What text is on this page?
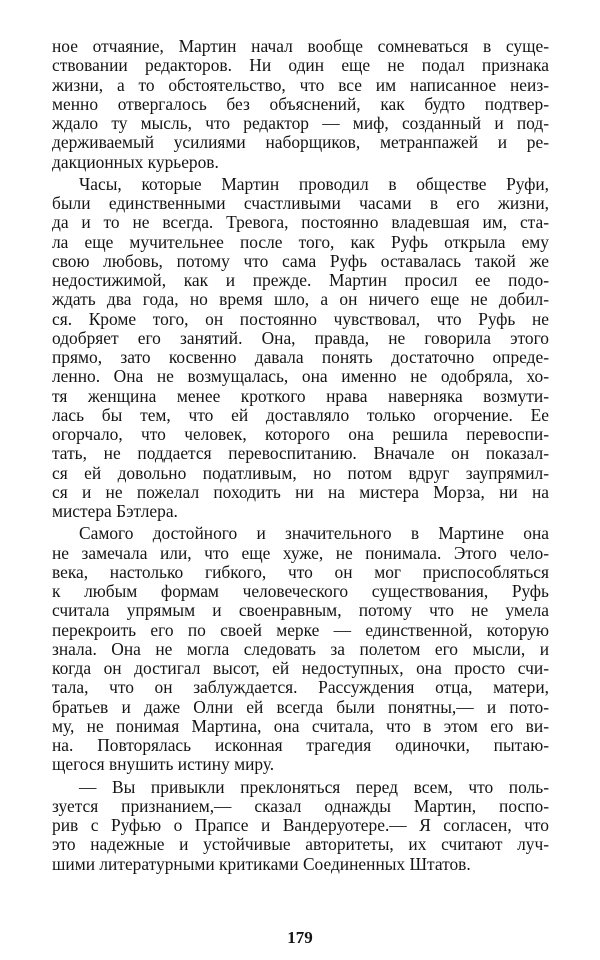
ное отчаяние, Мартин начал вообще сомневаться в суще-
ствовании редакторов. Ни один еще не подал признака
жизни, а то обстоятельство, что все им написанное неиз-
менно отвергалось без объяснений, как будто подтвер-
ждало ту мысль, что редактор — миф, созданный и под-
держиваемый усилиями наборщиков, метранпажей и ре-
дакционных курьеров.
Часы, которые Мартин проводил в обществе Руфи,
были единственными счастливыми часами в его жизни,
да и то не всегда. Тревога, постоянно владевшая им, ста-
ла еще мучительнее после того, как Руфь открыла ему
свою любовь, потому что сама Руфь оставалась такой же
недостижимой, как и прежде. Мартин просил ее подо-
ждать два года, но время шло, а он ничего еще не добил-
ся. Кроме того, он постоянно чувствовал, что Руфь не
одобряет его занятий. Она, правда, не говорила этого
прямо, зато косвенно давала понять достаточно опреде-
ленно. Она не возмущалась, она именно не одобряла, хо-
тя женщина менее кроткого нрава наверняка возмути-
лась бы тем, что ей доставляло только огорчение. Ее
огорчало, что человек, которого она решила перевоспи-
тать, не поддается перевоспитанию. Вначале он показал-
ся ей довольно податливым, но потом вдруг заупрямил-
ся и не пожелал походить ни на мистера Морза, ни на
мистера Бэтлера.
Самого достойного и значительного в Мартине она
не замечала или, что еще хуже, не понимала. Этого чело-
века, настолько гибкого, что он мог приспособляться
к любым формам человеческого существования, Руфь
считала упрямым и своенравным, потому что не умела
перекроить его по своей мерке — единственной, которую
знала. Она не могла следовать за полетом его мысли, и
когда он достигал высот, ей недоступных, она просто счи-
тала, что он заблуждается. Рассуждения отца, матери,
братьев и даже Олни ей всегда были понятны,— и пото-
му, не понимая Мартина, она считала, что в этом его ви-
на. Повторялась исконная трагедия одиночки, пытаю-
щегося внушить истину миру.
— Вы привыкли преклоняться перед всем, что поль-
зуется признанием,— сказал однажды Мартин, поспо-
рив с Руфью о Прапсе и Вандеруотере.— Я согласен, что
это надежные и устойчивые авторитеты, их считают луч-
шими литературными критиками Соединенных Штатов.
179
